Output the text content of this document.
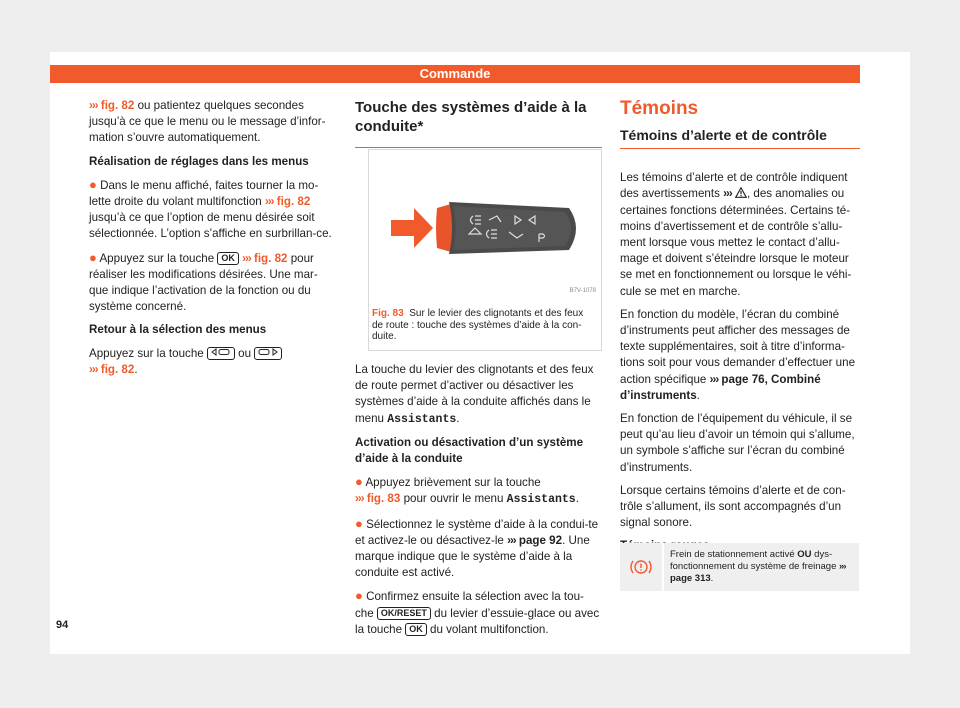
Commande

››› fig. 82 ou patientez quelques secondes jusqu’à ce que le menu ou le message d’infor-mation s’ouvre automatiquement.

Réalisation de réglages dans les menus

● Dans le menu affiché, faites tourner la mo-lette droite du volant multifonction ››› fig. 82 jusqu’à ce que l’option de menu désirée soit sélectionnée. L’option s’affiche en surbrillan-ce.

● Appuyez sur la touche OK ››› fig. 82 pour réaliser les modifications désirées. Une mar-que indique l’activation de la fonction ou du système concerné.

Retour à la sélection des menus

Appuyez sur la touche  ou
››› fig. 82.

Touche des systèmes d’aide à la conduite*

B7V-1078
Fig. 83 Sur le levier des clignotants et des feux de route : touche des systèmes d’aide à la con-duite.

La touche du levier des clignotants et des feux de route permet d’activer ou désactiver les systèmes d’aide à la conduite affichés dans le menu Assistants.

Activation ou désactivation d’un système d’aide à la conduite

● Appuyez brièvement sur la touche
››› fig. 83 pour ouvrir le menu Assistants.

● Sélectionnez le système d’aide à la condui-te et activez-le ou désactivez-le ››› page 92. Une marque indique que le système d’aide à la conduite est activé.

● Confirmez ensuite la sélection avec la tou-che OK/RESET du levier d’essuie-glace ou avec la touche OK du volant multifonction.

Témoins

Témoins d’alerte et de contrôle

Les témoins d’alerte et de contrôle indiquent des avertissements ››› , des anomalies ou certaines fonctions déterminées. Certains té-moins d’avertissement et de contrôle s’allu-ment lorsque vous mettez le contact d’allu-mage et doivent s’éteindre lorsque le moteur se met en fonctionnement ou lorsque le véhi-cule se met en marche.

En fonction du modèle, l’écran du combiné d’instruments peut afficher des messages de texte supplémentaires, soit à titre d’informa-tions soit pour vous demander d’effectuer une action spécifique ››› page 76, Combiné d’instruments.

En fonction de l’équipement du véhicule, il se peut qu’au lieu d’avoir un témoin qui s’allume, un symbole s’affiche sur l’écran du combiné d’instruments.

Lorsque certains témoins d’alerte et de con-trôle s’allument, ils sont accompagnés d’un signal sonore.

Frein de stationnement activé OU dys-fonctionnement du système de freinage ››› page 313.
94
